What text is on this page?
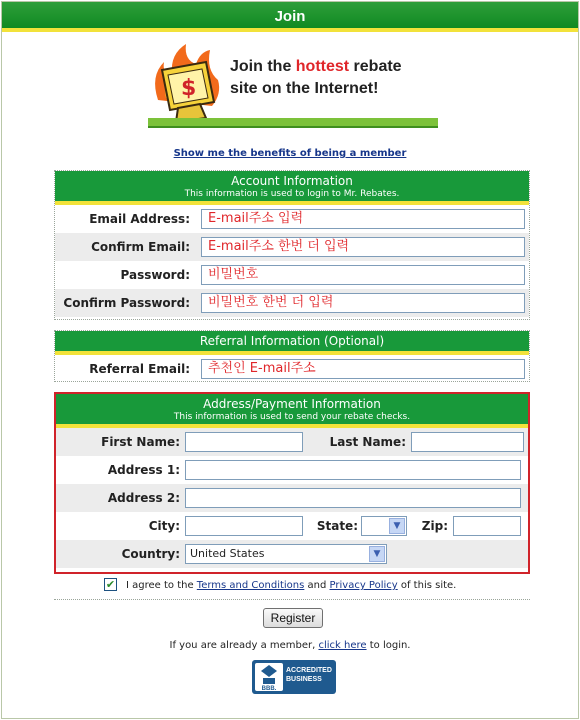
Join
$
Join the hottest rebate
site on the Internet!
Show me the benefits of being a member
Account Information
This information is used to login to Mr. Rebates.
Email Address:	E-mail주소 입력
Confirm Email:	E-mail주소 한번 더 입력
Password:	비밀번호
Confirm Password:	비밀번호 한번 더 입력
Referral Information (Optional)
Referral Email:	추천인 E-mail주소
Address/Payment Information
This information is used to send your rebate checks.
First Name:	Last Name:
Address 1:
Address 2:
City:	State:	▼	Zip:
Country: United States	▼
✔ I agree to the Terms and Conditions and Privacy Policy of this site.
Register
If you are already a member, click here to login.
BBB.
ACCREDITED
BUSINESS
